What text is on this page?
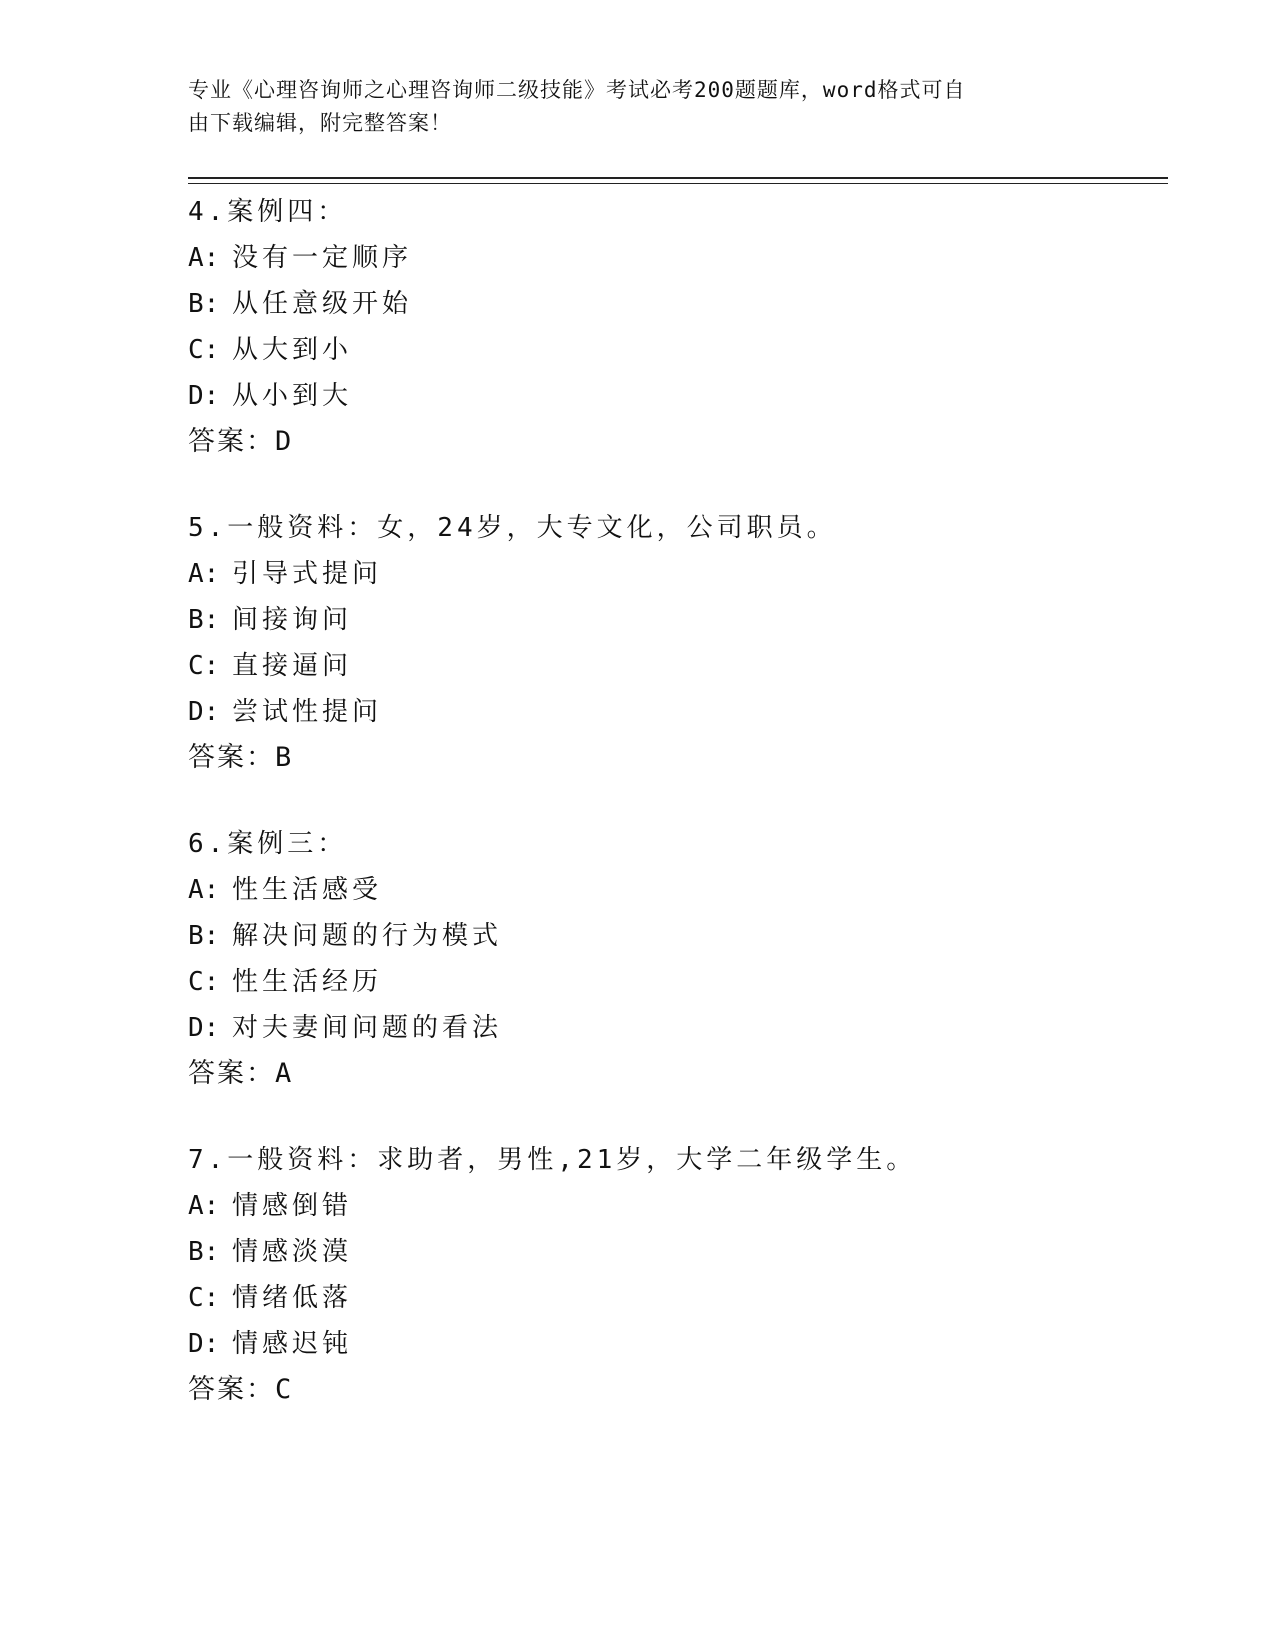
专业《心理咨询师之心理咨询师二级技能》考试必考200题题库，word格式可自
由下载编辑，附完整答案！
4.案例四：
A: 没有一定顺序
B: 从任意级开始
C: 从大到小
D: 从小到大
答案：D
5.一般资料：女，24岁，大专文化，公司职员。
A: 引导式提问
B: 间接询问
C: 直接逼问
D: 尝试性提问
答案：B
6.案例三：
A: 性生活感受
B: 解决问题的行为模式
C: 性生活经历
D: 对夫妻间问题的看法
答案：A
7.一般资料：求助者，男性,21岁，大学二年级学生。
A: 情感倒错
B: 情感淡漠
C: 情绪低落
D: 情感迟钝
答案：C
